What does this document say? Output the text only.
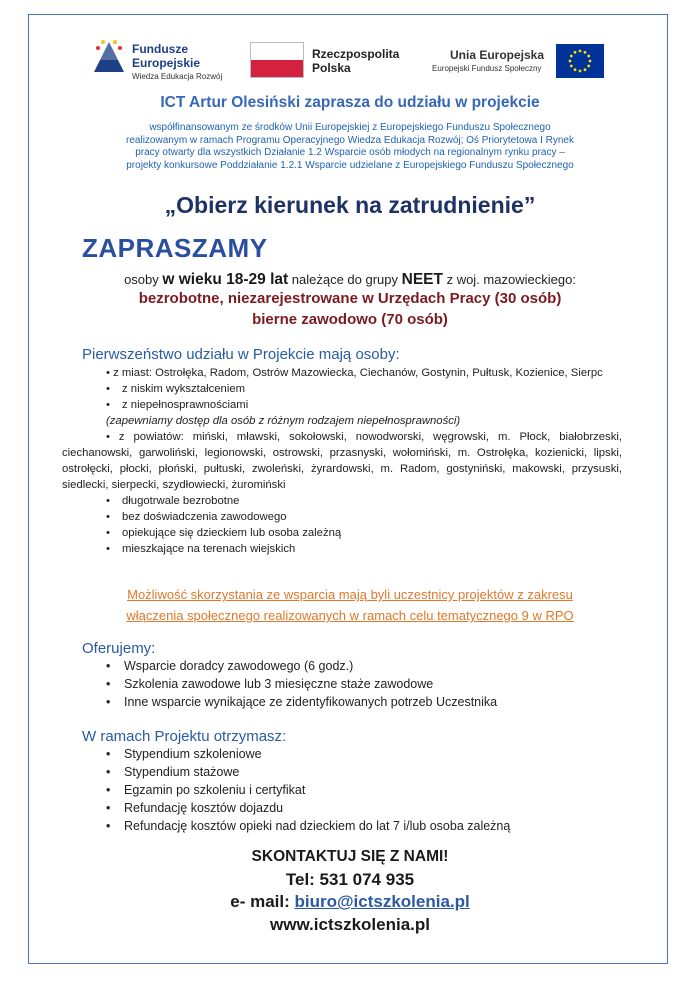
Fundusze
Europejskie
Wiedza Edukacja Rozwój
Rzeczpospolita
Polska
Unia Europejska
Europejski Fundusz Społeczny
ICT Artur Olesiński zaprasza do udziału w projekcie
współfinansowanym ze środków Unii Europejskiej z Europejskiego Funduszu Społecznego realizowanym w ramach Programu Operacyjnego Wiedza Edukacja Rozwój; Oś Priorytetowa I Rynek pracy otwarty dla wszystkich Działanie 1.2 Wsparcie osób młodych na regionalnym rynku pracy – projekty konkursowe Poddziałanie 1.2.1 Wsparcie udzielane z Europejskiego Funduszu Społecznego
„Obierz kierunek na zatrudnienie”
ZAPRASZAMY
osoby w wieku 18-29 lat należące do grupy NEET z woj. mazowieckiego:
bezrobotne, niezarejestrowane w Urzędach Pracy (30 osób)
bierne zawodowo (70 osób)
Pierwszeństwo udziału w Projekcie mają osoby:
• z miast: Ostrołęka, Radom, Ostrów Mazowiecka, Ciechanów, Gostynin, Pułtusk, Kozienice, Sierpc
• z niskim wykształceniem
• z niepełnosprawnościami
(zapewniamy dostęp dla osób z różnym rodzajem niepełnosprawności)
• z powiatów: miński, mławski, sokołowski, nowodworski, węgrowski, m. Płock, białobrzeski, ciechanowski, garwoliński, legionowski, ostrowski, przasnyski, wołomiński, m. Ostrołęka, kozienicki, lipski, ostrołęcki, płocki, płoński, pułtuski, zwoleński, żyrardowski, m. Radom, gostyniński, makowski, przysuski, siedlecki, sierpecki, szydłowiecki, żuromiński
• długotrwale bezrobotne
• bez doświadczenia zawodowego
• opiekujące się dzieckiem lub osoba zależną
• mieszkające na terenach wiejskich
Możliwość skorzystania ze wsparcia mają byli uczestnicy projektów z zakresu
włączenia społecznego realizowanych w ramach celu tematycznego 9 w RPO
Oferujemy:
• Wsparcie doradcy zawodowego (6 godz.)
• Szkolenia zawodowe lub 3 miesięczne staże zawodowe
• Inne wsparcie wynikające ze zidentyfikowanych potrzeb Uczestnika
W ramach Projektu otrzymasz:
• Stypendium szkoleniowe
• Stypendium stażowe
• Egzamin po szkoleniu i certyfikat
• Refundację kosztów dojazdu
• Refundację kosztów opieki nad dzieckiem do lat 7 i/lub osoba zależną
SKONTAKTUJ SIĘ Z NAMI!
Tel: 531 074 935
e- mail: biuro@ictszkolenia.pl
www.ictszkolenia.pl
